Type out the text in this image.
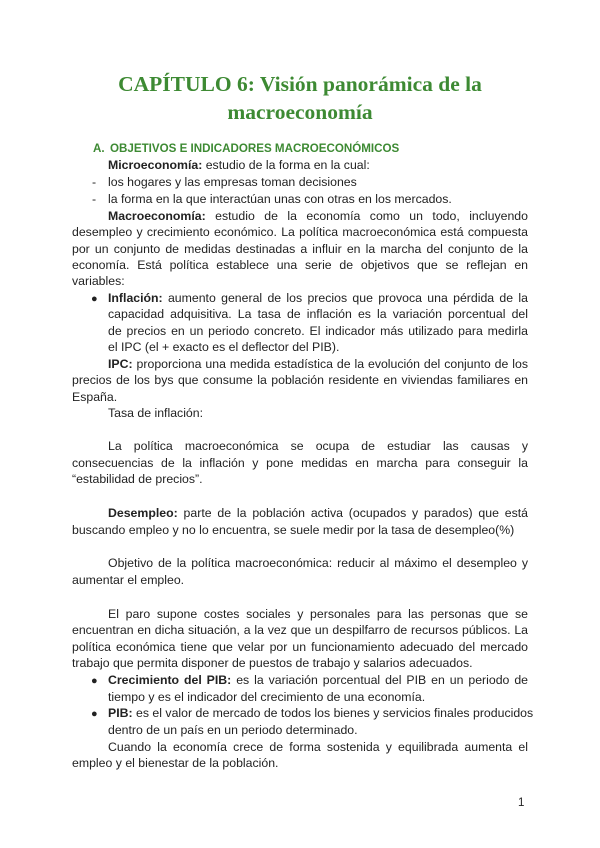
CAPÍTULO 6: Visión panorámica de la
macroeconomía
A. OBJETIVOS E INDICADORES MACROECONÓMICOS
Microeconomía: estudio de la forma en la cual:
- los hogares y las empresas toman decisiones
- la forma en la que interactúan unas con otras en los mercados.
Macroeconomía: estudio de la economía como un todo, incluyendo
desempleo y crecimiento económico. La política macroeconómica está compuesta
por un conjunto de medidas destinadas a influir en la marcha del conjunto de la
economía. Está política establece una serie de objetivos que se reflejan en
variables:
● Inflación: aumento general de los precios que provoca una pérdida de la
capacidad adquisitiva. La tasa de inflación es la variación porcentual del
de precios en un periodo concreto. El indicador más utilizado para medirla
el IPC (el + exacto es el deflector del PIB).
IPC: proporciona una medida estadística de la evolución del conjunto de los
precios de los bys que consume la población residente en viviendas familiares en
España.
Tasa de inflación:
La política macroeconómica se ocupa de estudiar las causas y
consecuencias de la inflación y pone medidas en marcha para conseguir la
“estabilidad de precios”.
Desempleo: parte de la población activa (ocupados y parados) que está
buscando empleo y no lo encuentra, se suele medir por la tasa de desempleo(%)
Objetivo de la política macroeconómica: reducir al máximo el desempleo y
aumentar el empleo.
El paro supone costes sociales y personales para las personas que se
encuentran en dicha situación, a la vez que un despilfarro de recursos públicos. La
política económica tiene que velar por un funcionamiento adecuado del mercado
trabajo que permita disponer de puestos de trabajo y salarios adecuados.
● Crecimiento del PIB: es la variación porcentual del PIB en un periodo de
tiempo y es el indicador del crecimiento de una economía.
● PIB: es el valor de mercado de todos los bienes y servicios finales producidos
dentro de un país en un periodo determinado.
Cuando la economía crece de forma sostenida y equilibrada aumenta el
empleo y el bienestar de la población.
1
